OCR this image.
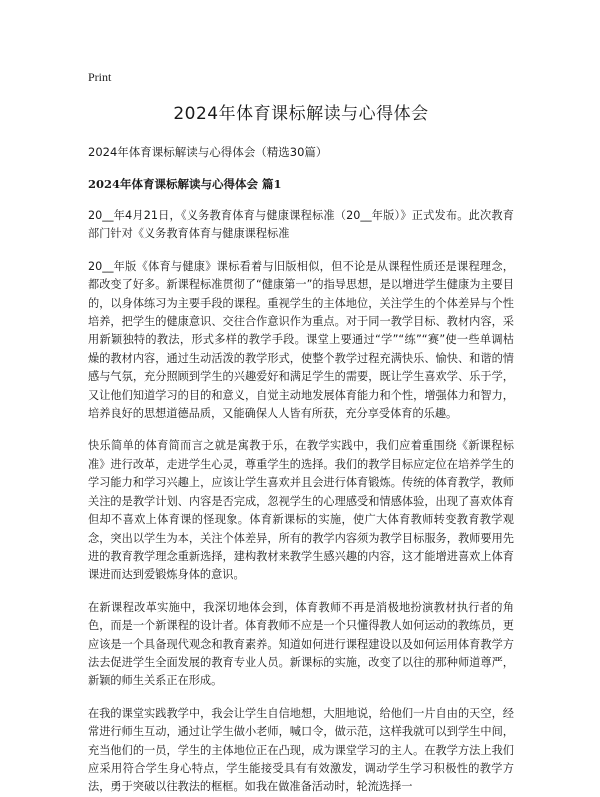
Print
2024年体育课标解读与心得体会
2024年体育课标解读与心得体会（精选30篇）
2024年体育课标解读与心得体会 篇1

20__年4月21日，《义务教育体育与健康课程标准（20__年版）》正式发布。此次教育部门针对《义务教育体育与健康课程标准

20__年版《体育与健康》课标看着与旧版相似，但不论是从课程性质还是课程理念，都改变了好多。新课程标准贯彻了“健康第一”的指导思想，是以增进学生健康为主要目的，以身体练习为主要手段的课程。重视学生的主体地位，关注学生的个体差异与个性培养，把学生的健康意识、交往合作意识作为重点。对于同一教学目标、教材内容，采用新颖独特的教法，形式多样的教学手段。课堂上要通过“学”“练”“赛”使一些单调枯燥的教材内容，通过生动活泼的教学形式，使整个教学过程充满快乐、愉快、和谐的情感与气氛，充分照顾到学生的兴趣爱好和满足学生的需要，既让学生喜欢学、乐于学，又让他们知道学习的目的和意义，自觉主动地发展体育能力和个性，增强体力和智力，培养良好的思想道德品质，又能确保人人皆有所获，充分享受体育的乐趣。

快乐简单的体育简而言之就是寓教于乐，在教学实践中，我们应着重围绕《新课程标准》进行改革，走进学生心灵，尊重学生的选择。我们的教学目标应定位在培养学生的学习能力和学习兴趣上，应该让学生喜欢并且会进行体育锻炼。传统的体育教学，教师关注的是教学计划、内容是否完成，忽视学生的心理感受和情感体验，出现了喜欢体育但却不喜欢上体育课的怪现象。体育新课标的实施，使广大体育教师转变教育教学观念，突出以学生为本，关注个体差异，所有的教学内容须为教学目标服务，教师要用先进的教育教学理念重新选择，建构教材来教学生感兴趣的内容，这才能增进喜欢上体育课进而达到爱锻炼身体的意识。

在新课程改革实施中，我深切地体会到，体育教师不再是消极地扮演教材执行者的角色，而是一个新课程的设计者。体育教师不应是一个只懂得教人如何运动的教练员，更应该是一个具备现代观念和教育素养。知道如何进行课程建设以及如何运用体育教学方法去促进学生全面发展的教育专业人员。新课标的实施，改变了以往的那种师道尊严，新颖的师生关系正在形成。

在我的课堂实践教学中，我会让学生自信地想，大胆地说，给他们一片自由的天空，经常进行师生互动，通过让学生做小老师，喊口令，做示范，这样我就可以到学生中间，充当他们的一员，学生的主体地位正在凸现，成为课堂学习的主人。在教学方法上我们应采用符合学生身心特点，学生能接受具有有效激发，调动学生学习积极性的教学方法，勇于突破以往教法的框框。如我在做准备活动时，轮流选择一
